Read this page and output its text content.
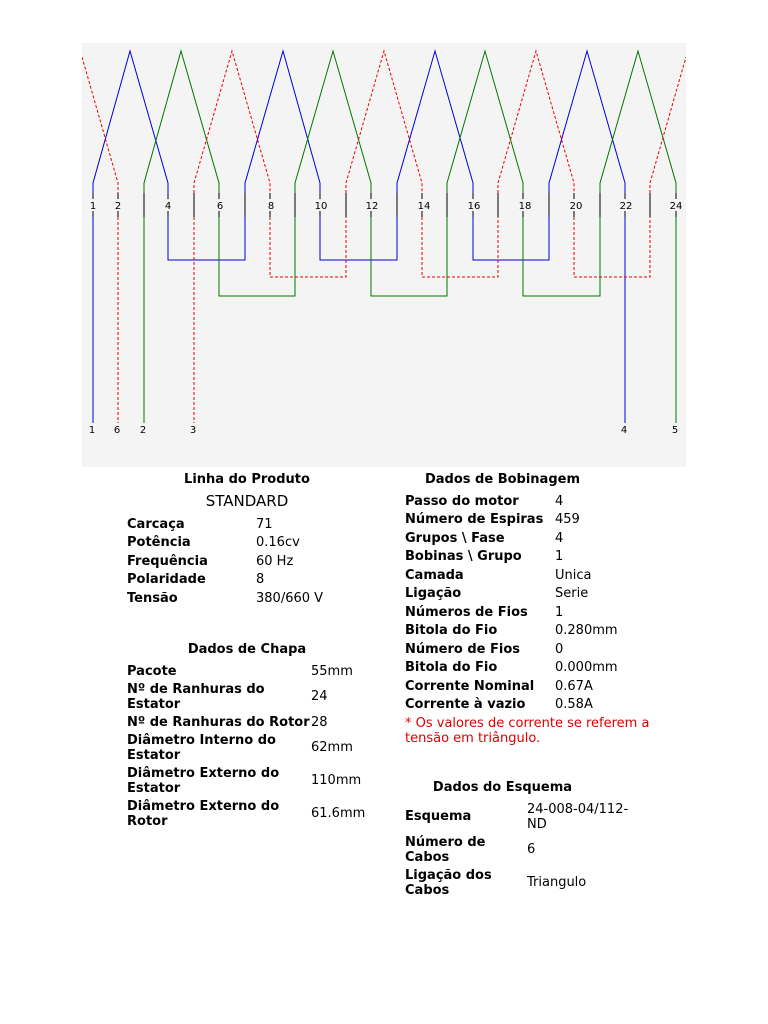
1 2	4	6	8	10	12	14	16	18	20	22	24
1 6 2	3	4	5
Linha do Produto
STANDARD
Carcaça	71
Potência	0.16cv
Frequência	60 Hz
Polaridade	8
Tensão	380/660 V
Dados de Chapa
Pacote	55mm
Nº de Ranhuras do Estator	24
Nº de Ranhuras do Rotor	28
Diâmetro Interno do Estator	62mm
Diâmetro Externo do Estator	110mm
Diâmetro Externo do Rotor	61.6mm
Dados de Bobinagem
Passo do motor	4
Número de Espiras	459
Grupos \ Fase	4
Bobinas \ Grupo	1
Camada	Unica
Ligação	Serie
Números de Fios	1
Bitola do Fio	0.280mm
Número de Fios	0
Bitola do Fio	0.000mm
Corrente Nominal	0.67A
Corrente à vazio	0.58A
* Os valores de corrente se referem a tensão em triângulo.	
Dados do Esquema
Esquema	24-008-04/112-ND
Número de Cabos	6
Ligação dos Cabos	Triangulo
